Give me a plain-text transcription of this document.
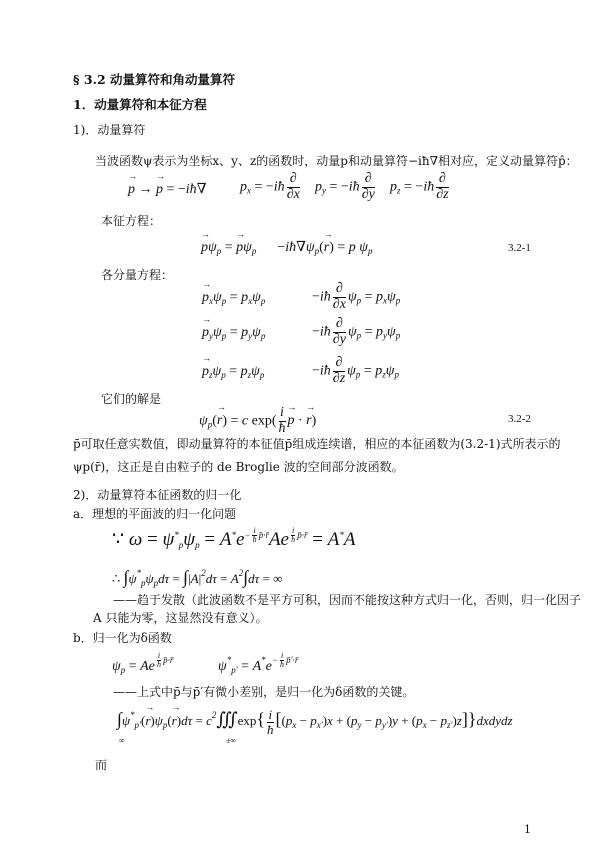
§ 3.2 动量算符和角动量算符
1．动量算符和本征方程
1)．动量算符
当波函数ψ表示为坐标x、y、z的函数时，动量p和动量算符−iħ∇相对应，定义动量算符p̂：
→ p → → p = −iħ∇ $p_x$ = −iħ $\frac{\partial}{\partial x} p_y$ = −iħ $\frac{\partial}{\partial y} p_z$ = −iħ $\frac{\partial}{\partial z}$
本征方程：
→ $p\psi_p$ = → $p\psi_p$      $-iħ\nabla\psi_p(\to r) = p$ $\psi_p$	3.2-1
各分量方程：
→ $p_x\psi_p = p_x\psi_p$	−iħ $\frac{\partial}{\partial x} \psi_p = p_x\psi_p$
→ $p_y\psi_p = p_y\psi_p$	−iħ $\frac{\partial}{\partial y} \psi_p = p_y\psi_p$
→ $p_z\psi_p = p_z\psi_p$	−iħ $\frac{\partial}{\partial z} \psi_p = p_z\psi_p$
它们的解是
$\psi_p(\to r) = c$ $\exp( \frac{i}{ħ}$
→ p · → r)	3.2-2
p̄可取任意实数值，即动量算符的本征值p̄组成连续谱，相应的本征函数为(3.2-1)式所表示的
ψp(r̄)，这正是自由粒子的 de Broglie 波的空间部分波函数。
2)．动量算符本征函数的归一化
a．理想的平面波的归一化问题
∵ $\omega = \psi^*_p\psi_p = A^*e^{- \frac{i}{ħ} p̄\cdot r̄}Ae$ $^{\frac{i}{ħ} p̄\cdot r̄}$ = A*A
∴ $\int\psi^*_p\psi_pd\tau = \int|A|^2d\tau = A^2\int d\tau$ = ∞
——趋于发散（此波函数不是平方可积，因而不能按这种方式归一化，否则，归一化因子
A 只能为零，这显然没有意义）。
b．归一化为δ函数
$\psi_p = Ae$ $^{\frac{i}{ħ} p̄\cdot r̄}$	$\psi^*_{p'} = A^*e^{- \frac{i}{ħ} p̄'\cdot r̄}$
——上式中p̄与p̄′有微小差别，是归一化为δ函数的关键。
$\int\psi^*_{p'}(\to r)\psi_p(\to r)d\tau$ = $c^2∭\exp\{ \frac{i}{ħ} [(p_x - p_{x'})x + (p_y - p_{y'})y + (p_x$ − $p_{z'})z]\}dxdydz$
∞	±∞
而
1
